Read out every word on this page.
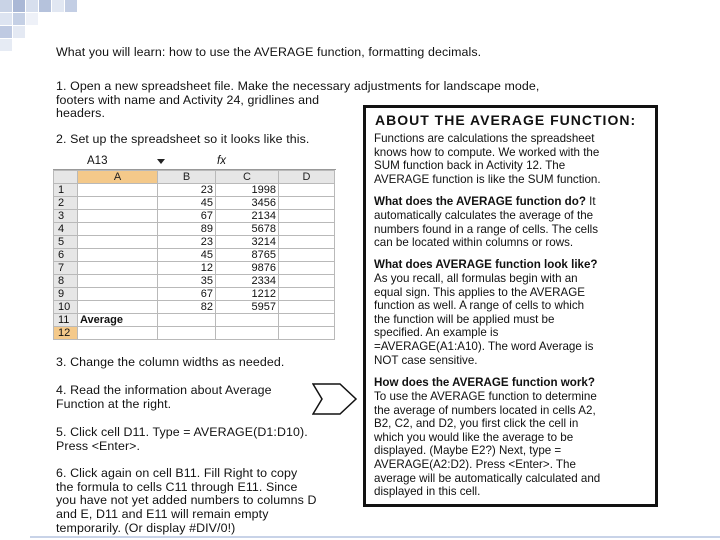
What you will learn: how to use the AVERAGE function, formatting decimals.
1. Open a new spreadsheet file. Make the necessary adjustments for landscape mode,
footers with name and Activity 24, gridlines and
headers.
2. Set up the spreadsheet so it looks like this.
A13	fx
	A	B	C	D
1		23	1998	
2		45	3456	
3		67	2134	
4		89	5678	
5		23	3214	
6		45	8765	
7		12	9876	
8		35	2334	
9		67	1212	
10		82	5957	
11	Average			
12				
3. Change the column widths as needed.
4. Read the information about Average
Function at the right.
5. Click cell D11. Type = AVERAGE(D1:D10).
Press <Enter>.
6. Click again on cell B11. Fill Right to copy
the formula to cells C11 through E11. Since
you have not yet added numbers to columns D
and E, D11 and E11 will remain empty
temporarily. (Or display #DIV/0!)
ABOUT THE AVERAGE FUNCTION:
Functions are calculations the spreadsheet
knows how to compute. We worked with the
SUM function back in Activity 12. The
AVERAGE function is like the SUM function.
What does the AVERAGE function do? It
automatically calculates the average of the
numbers found in a range of cells. The cells
can be located within columns or rows.
What does AVERAGE function look like?
As you recall, all formulas begin with an
equal sign. This applies to the AVERAGE
function as well. A range of cells to which
the function will be applied must be
specified. An example is
=AVERAGE(A1:A10). The word Average is
NOT case sensitive.
How does the AVERAGE function work?
To use the AVERAGE function to determine
the average of numbers located in cells A2,
B2, C2, and D2, you first click the cell in
which you would like the average to be
displayed. (Maybe E2?) Next, type =
AVERAGE(A2:D2). Press <Enter>. The
average will be automatically calculated and
displayed in this cell.
